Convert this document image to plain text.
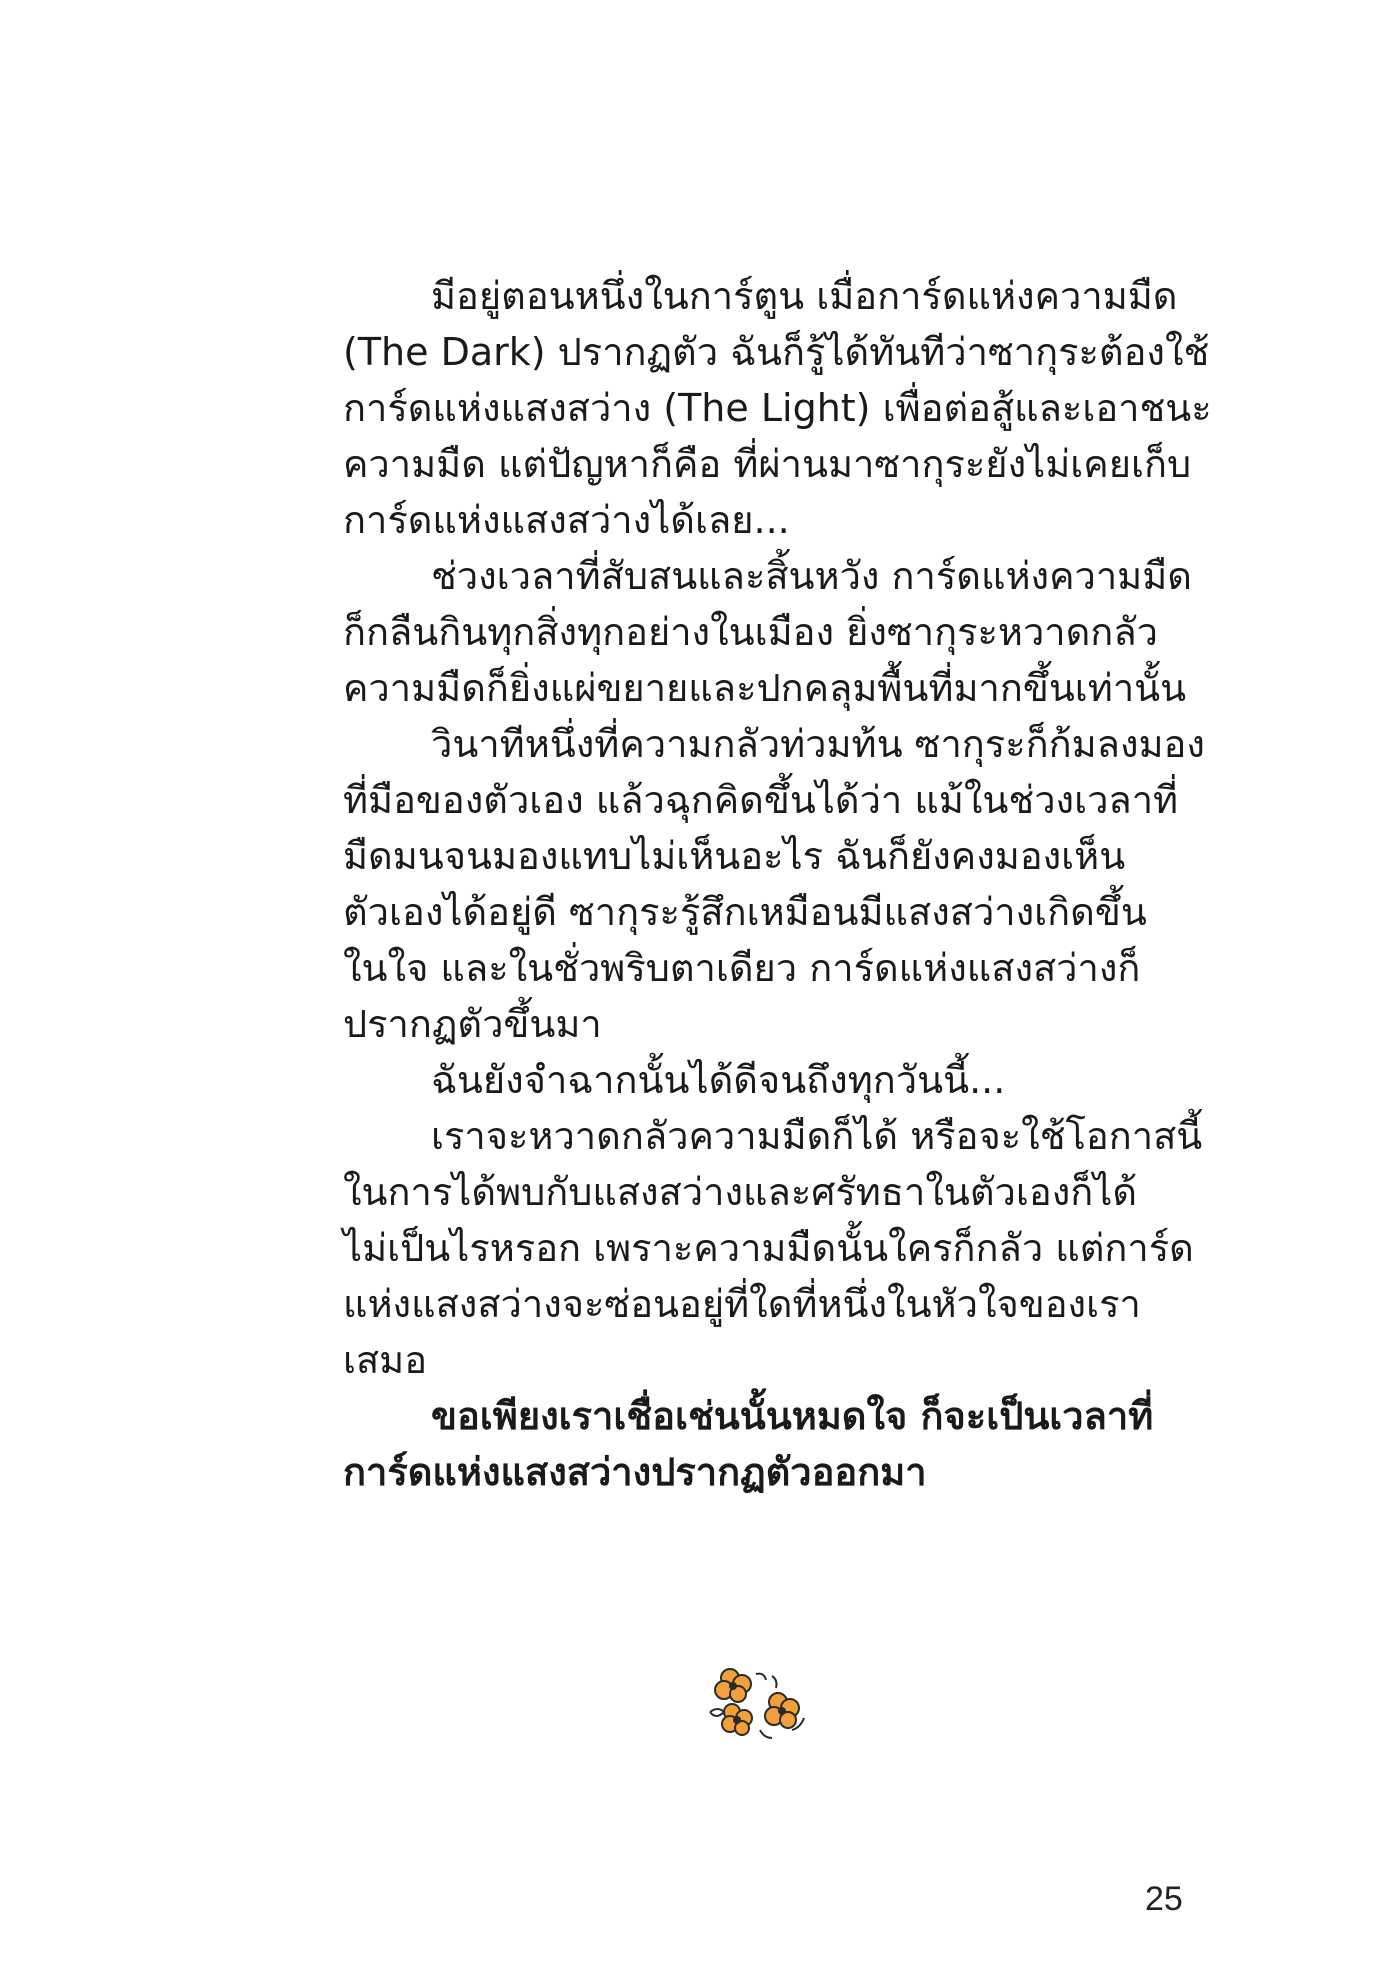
มีอยู่ตอนหนึ่งในการ์ตูน เมื่อการ์ดแห่งความมืด
(The Dark) ปรากฏตัว ฉันก็รู้ได้ทันทีว่าซากุระต้องใช้
การ์ดแห่งแสงสว่าง (The Light) เพื่อต่อสู้และเอาชนะ
ความมืด แต่ปัญหาก็คือ ที่ผ่านมาซากุระยังไม่เคยเก็บ
การ์ดแห่งแสงสว่างได้เลย...
ช่วงเวลาที่สับสนและสิ้นหวัง การ์ดแห่งความมืด
ก็กลืนกินทุกสิ่งทุกอย่างในเมือง ยิ่งซากุระหวาดกลัว
ความมืดก็ยิ่งแผ่ขยายและปกคลุมพื้นที่มากขึ้นเท่านั้น
วินาทีหนึ่งที่ความกลัวท่วมท้น ซากุระก็ก้มลงมอง
ที่มือของตัวเอง แล้วฉุกคิดขึ้นได้ว่า แม้ในช่วงเวลาที่
มืดมนจนมองแทบไม่เห็นอะไร ฉันก็ยังคงมองเห็น
ตัวเองได้อยู่ดี ซากุระรู้สึกเหมือนมีแสงสว่างเกิดขึ้น
ในใจ และในชั่วพริบตาเดียว การ์ดแห่งแสงสว่างก็
ปรากฏตัวขึ้นมา
ฉันยังจำฉากนั้นได้ดีจนถึงทุกวันนี้...
เราจะหวาดกลัวความมืดก็ได้ หรือจะใช้โอกาสนี้
ในการได้พบกับแสงสว่างและศรัทธาในตัวเองก็ได้
ไม่เป็นไรหรอก เพราะความมืดนั้นใครก็กลัว แต่การ์ด
แห่งแสงสว่างจะซ่อนอยู่ที่ใดที่หนึ่งในหัวใจของเรา
เสมอ
ขอเพียงเราเชื่อเช่นนั้นหมดใจ ก็จะเป็นเวลาที่
การ์ดแห่งแสงสว่างปรากฏตัวออกมา
25
